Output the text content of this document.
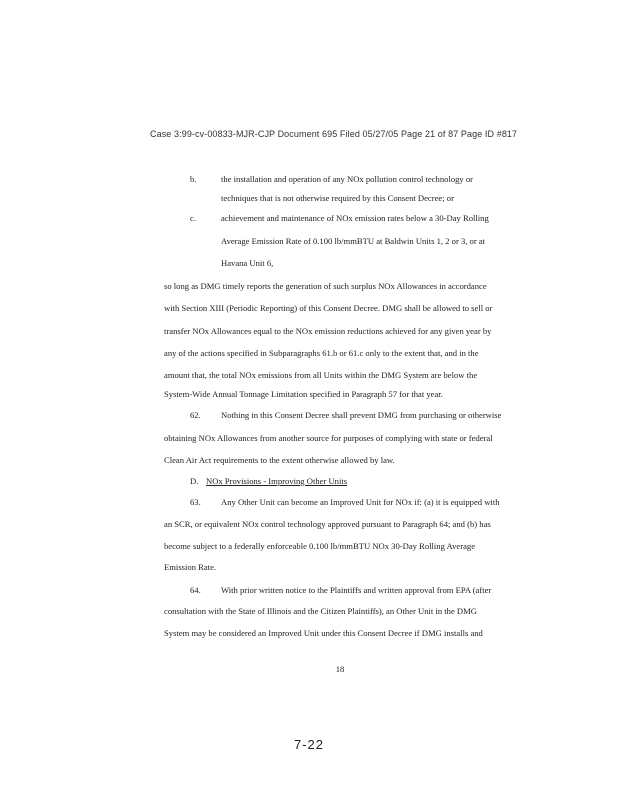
Case 3:99-cv-00833-MJR-CJP Document 695 Filed 05/27/05 Page 21 of 87 Page ID #817
b.	the installation and operation of any NOx pollution control technology or
techniques that is not otherwise required by this Consent Decree; or
c.	achievement and maintenance of NOx emission rates below a 30-Day Rolling
Average Emission Rate of 0.100 lb/mmBTU at Baldwin Units 1, 2 or 3, or at
Havana Unit 6,
so long as DMG timely reports the generation of such surplus NOx Allowances in accordance
with Section XIII (Periodic Reporting) of this Consent Decree. DMG shall be allowed to sell or
transfer NOx Allowances equal to the NOx emission reductions achieved for any given year by
any of the actions specified in Subparagraphs 61.b or 61.c only to the extent that, and in the
amount that, the total NOx emissions from all Units within the DMG System are below the
System-Wide Annual Tonnage Limitation specified in Paragraph 57 for that year.
62. Nothing in this Consent Decree shall prevent DMG from purchasing or otherwise
obtaining NOx Allowances from another source for purposes of complying with state or federal
Clean Air Act requirements to the extent otherwise allowed by law.
D. NOx Provisions - Improving Other Units
63. Any Other Unit can become an Improved Unit for NOx if: (a) it is equipped with
an SCR, or equivalent NOx control technology approved pursuant to Paragraph 64; and (b) has
become subject to a federally enforceable 0.100 lb/mmBTU NOx 30-Day Rolling Average
Emission Rate.
64. With prior written notice to the Plaintiffs and written approval from EPA (after
consultation with the State of Illinois and the Citizen Plaintiffs), an Other Unit in the DMG
System may be considered an Improved Unit under this Consent Decree if DMG installs and
18
7-22
